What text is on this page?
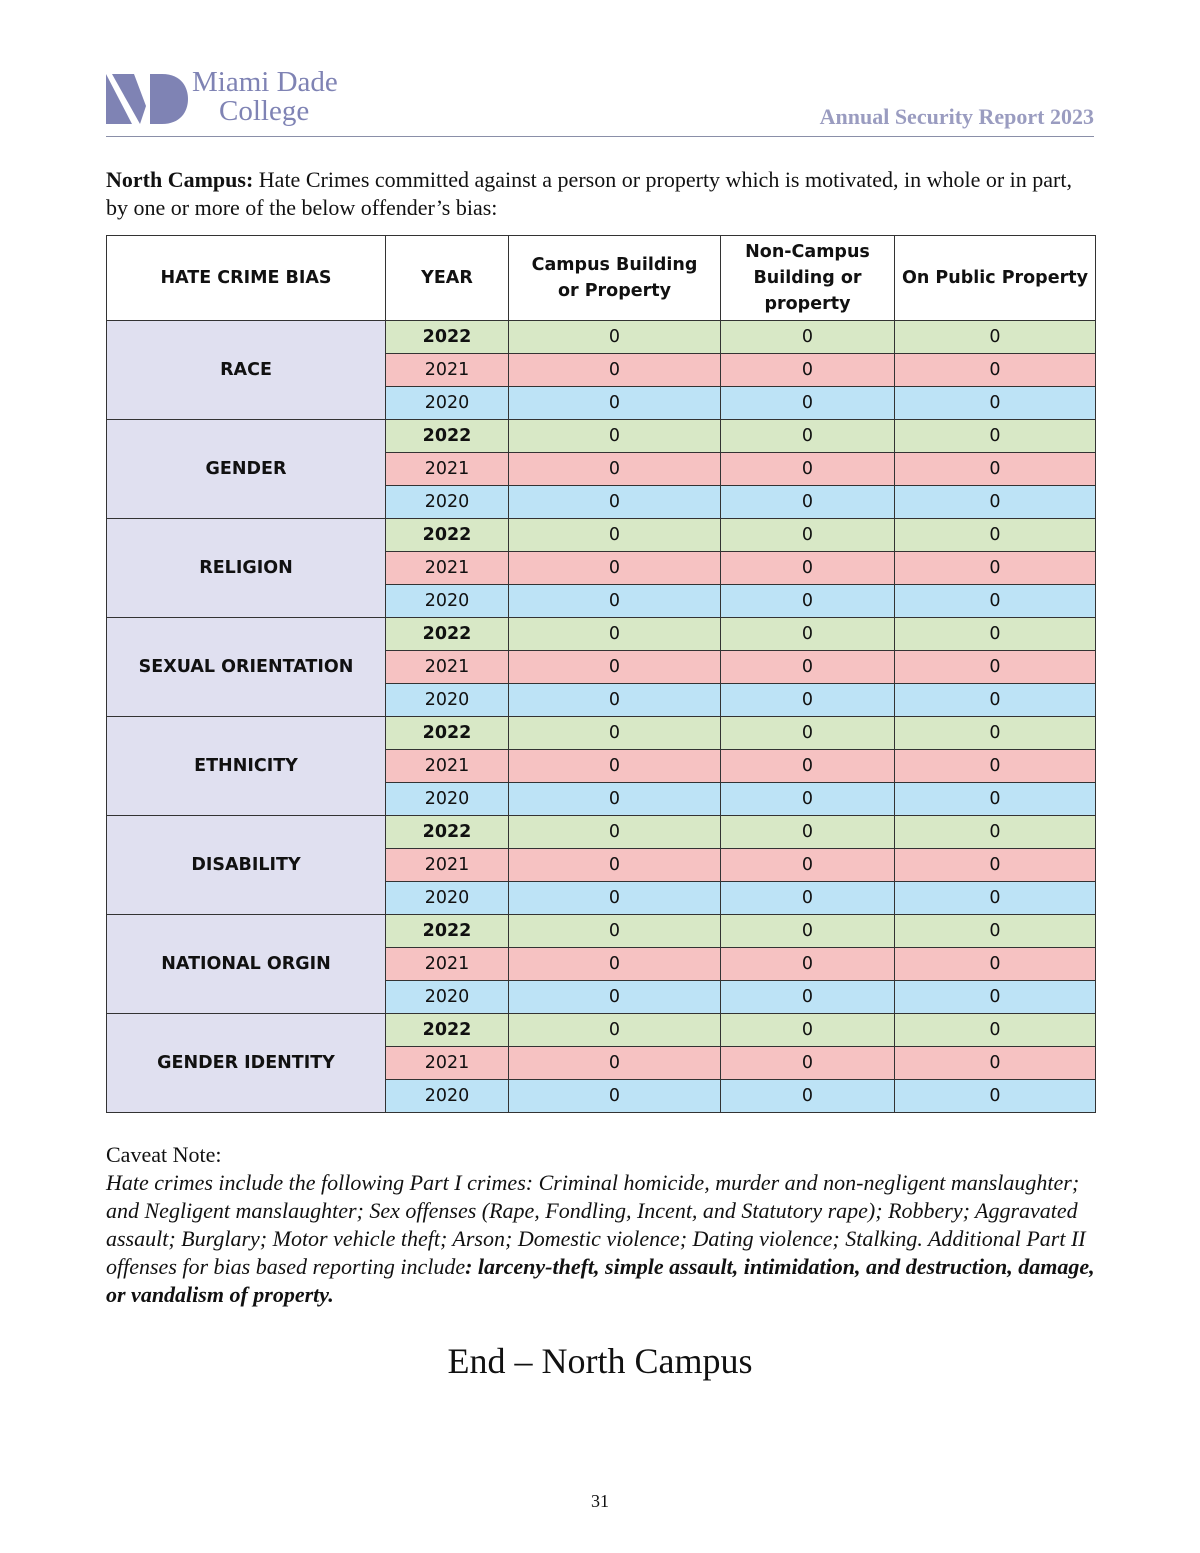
Miami Dade
College	Annual Security Report 2023
North Campus: Hate Crimes committed against a person or property which is motivated, in whole or in part, by one or more of the below offender’s bias:
HATE CRIME BIAS	YEAR	Campus Building or Property	Non-Campus Building or property	On Public Property
RACE	2022	0	0	0
	2021	0	0	0
	2020	0	0	0
GENDER	2022	0	0	0
	2021	0	0	0
	2020	0	0	0
RELIGION	2022	0	0	0
	2021	0	0	0
	2020	0	0	0
SEXUAL ORIENTATION	2022	0	0	0
	2021	0	0	0
	2020	0	0	0
ETHNICITY	2022	0	0	0
	2021	0	0	0
	2020	0	0	0
DISABILITY	2022	0	0	0
	2021	0	0	0
	2020	0	0	0
NATIONAL ORGIN	2022	0	0	0
	2021	0	0	0
	2020	0	0	0
GENDER IDENTITY	2022	0	0	0
	2021	0	0	0
	2020	0	0	0
Caveat Note:
Hate crimes include the following Part I crimes: Criminal homicide, murder and non-negligent manslaughter; and Negligent manslaughter; Sex offenses (Rape, Fondling, Incent, and Statutory rape); Robbery; Aggravated assault; Burglary; Motor vehicle theft; Arson; Domestic violence; Dating violence; Stalking. Additional Part II offenses for bias based reporting include: larceny-theft, simple assault, intimidation, and destruction, damage, or vandalism of property.
End – North Campus
31
